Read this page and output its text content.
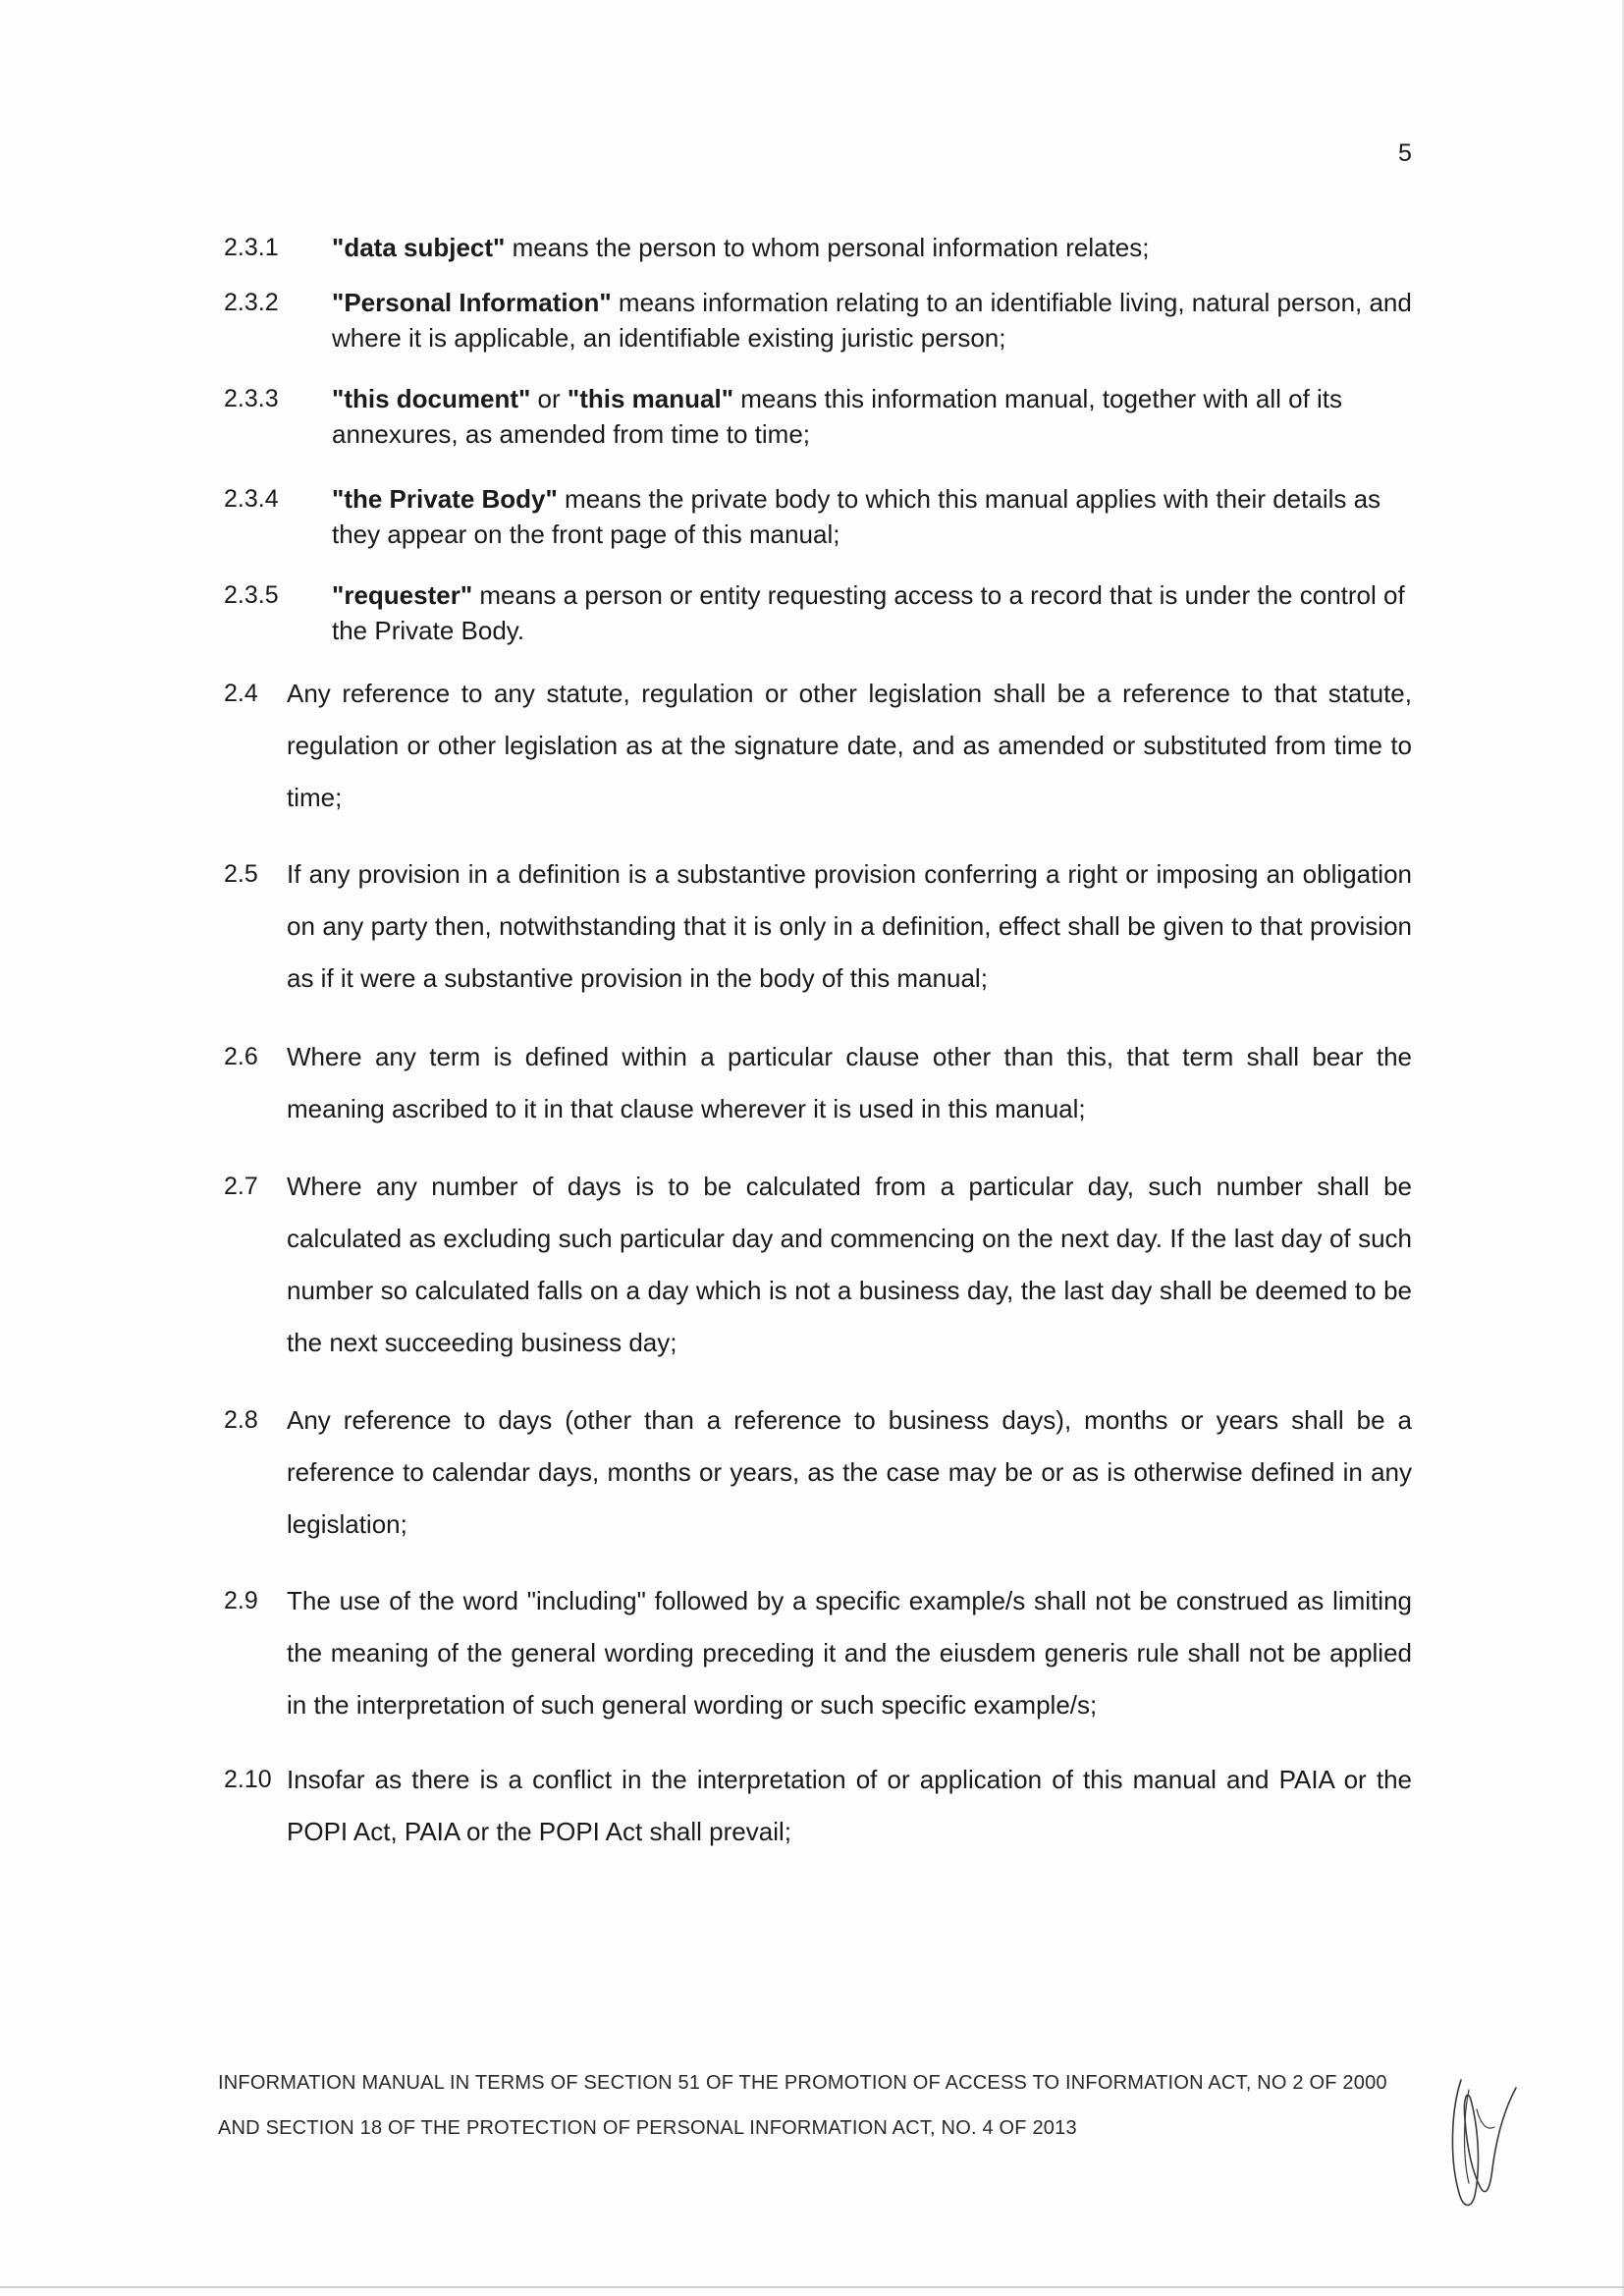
5
2.3.1 "data subject" means the person to whom personal information relates;
2.3.2 "Personal Information" means information relating to an identifiable living, natural person, and where it is applicable, an identifiable existing juristic person;
2.3.3 "this document" or "this manual" means this information manual, together with all of its annexures, as amended from time to time;
2.3.4 "the Private Body" means the private body to which this manual applies with their details as they appear on the front page of this manual;
2.3.5 "requester" means a person or entity requesting access to a record that is under the control of the Private Body.
2.4 Any reference to any statute, regulation or other legislation shall be a reference to that statute, regulation or other legislation as at the signature date, and as amended or substituted from time to time;
2.5 If any provision in a definition is a substantive provision conferring a right or imposing an obligation on any party then, notwithstanding that it is only in a definition, effect shall be given to that provision as if it were a substantive provision in the body of this manual;
2.6 Where any term is defined within a particular clause other than this, that term shall bear the meaning ascribed to it in that clause wherever it is used in this manual;
2.7 Where any number of days is to be calculated from a particular day, such number shall be calculated as excluding such particular day and commencing on the next day. If the last day of such number so calculated falls on a day which is not a business day, the last day shall be deemed to be the next succeeding business day;
2.8 Any reference to days (other than a reference to business days), months or years shall be a reference to calendar days, months or years, as the case may be or as is otherwise defined in any legislation;
2.9 The use of the word "including" followed by a specific example/s shall not be construed as limiting the meaning of the general wording preceding it and the eiusdem generis rule shall not be applied in the interpretation of such general wording or such specific example/s;
2.10 Insofar as there is a conflict in the interpretation of or application of this manual and PAIA or the POPI Act, PAIA or the POPI Act shall prevail;
INFORMATION MANUAL IN TERMS OF SECTION 51 OF THE PROMOTION OF ACCESS TO INFORMATION ACT, NO 2 OF 2000
AND SECTION 18 OF THE PROTECTION OF PERSONAL INFORMATION ACT, NO. 4 OF 2013
